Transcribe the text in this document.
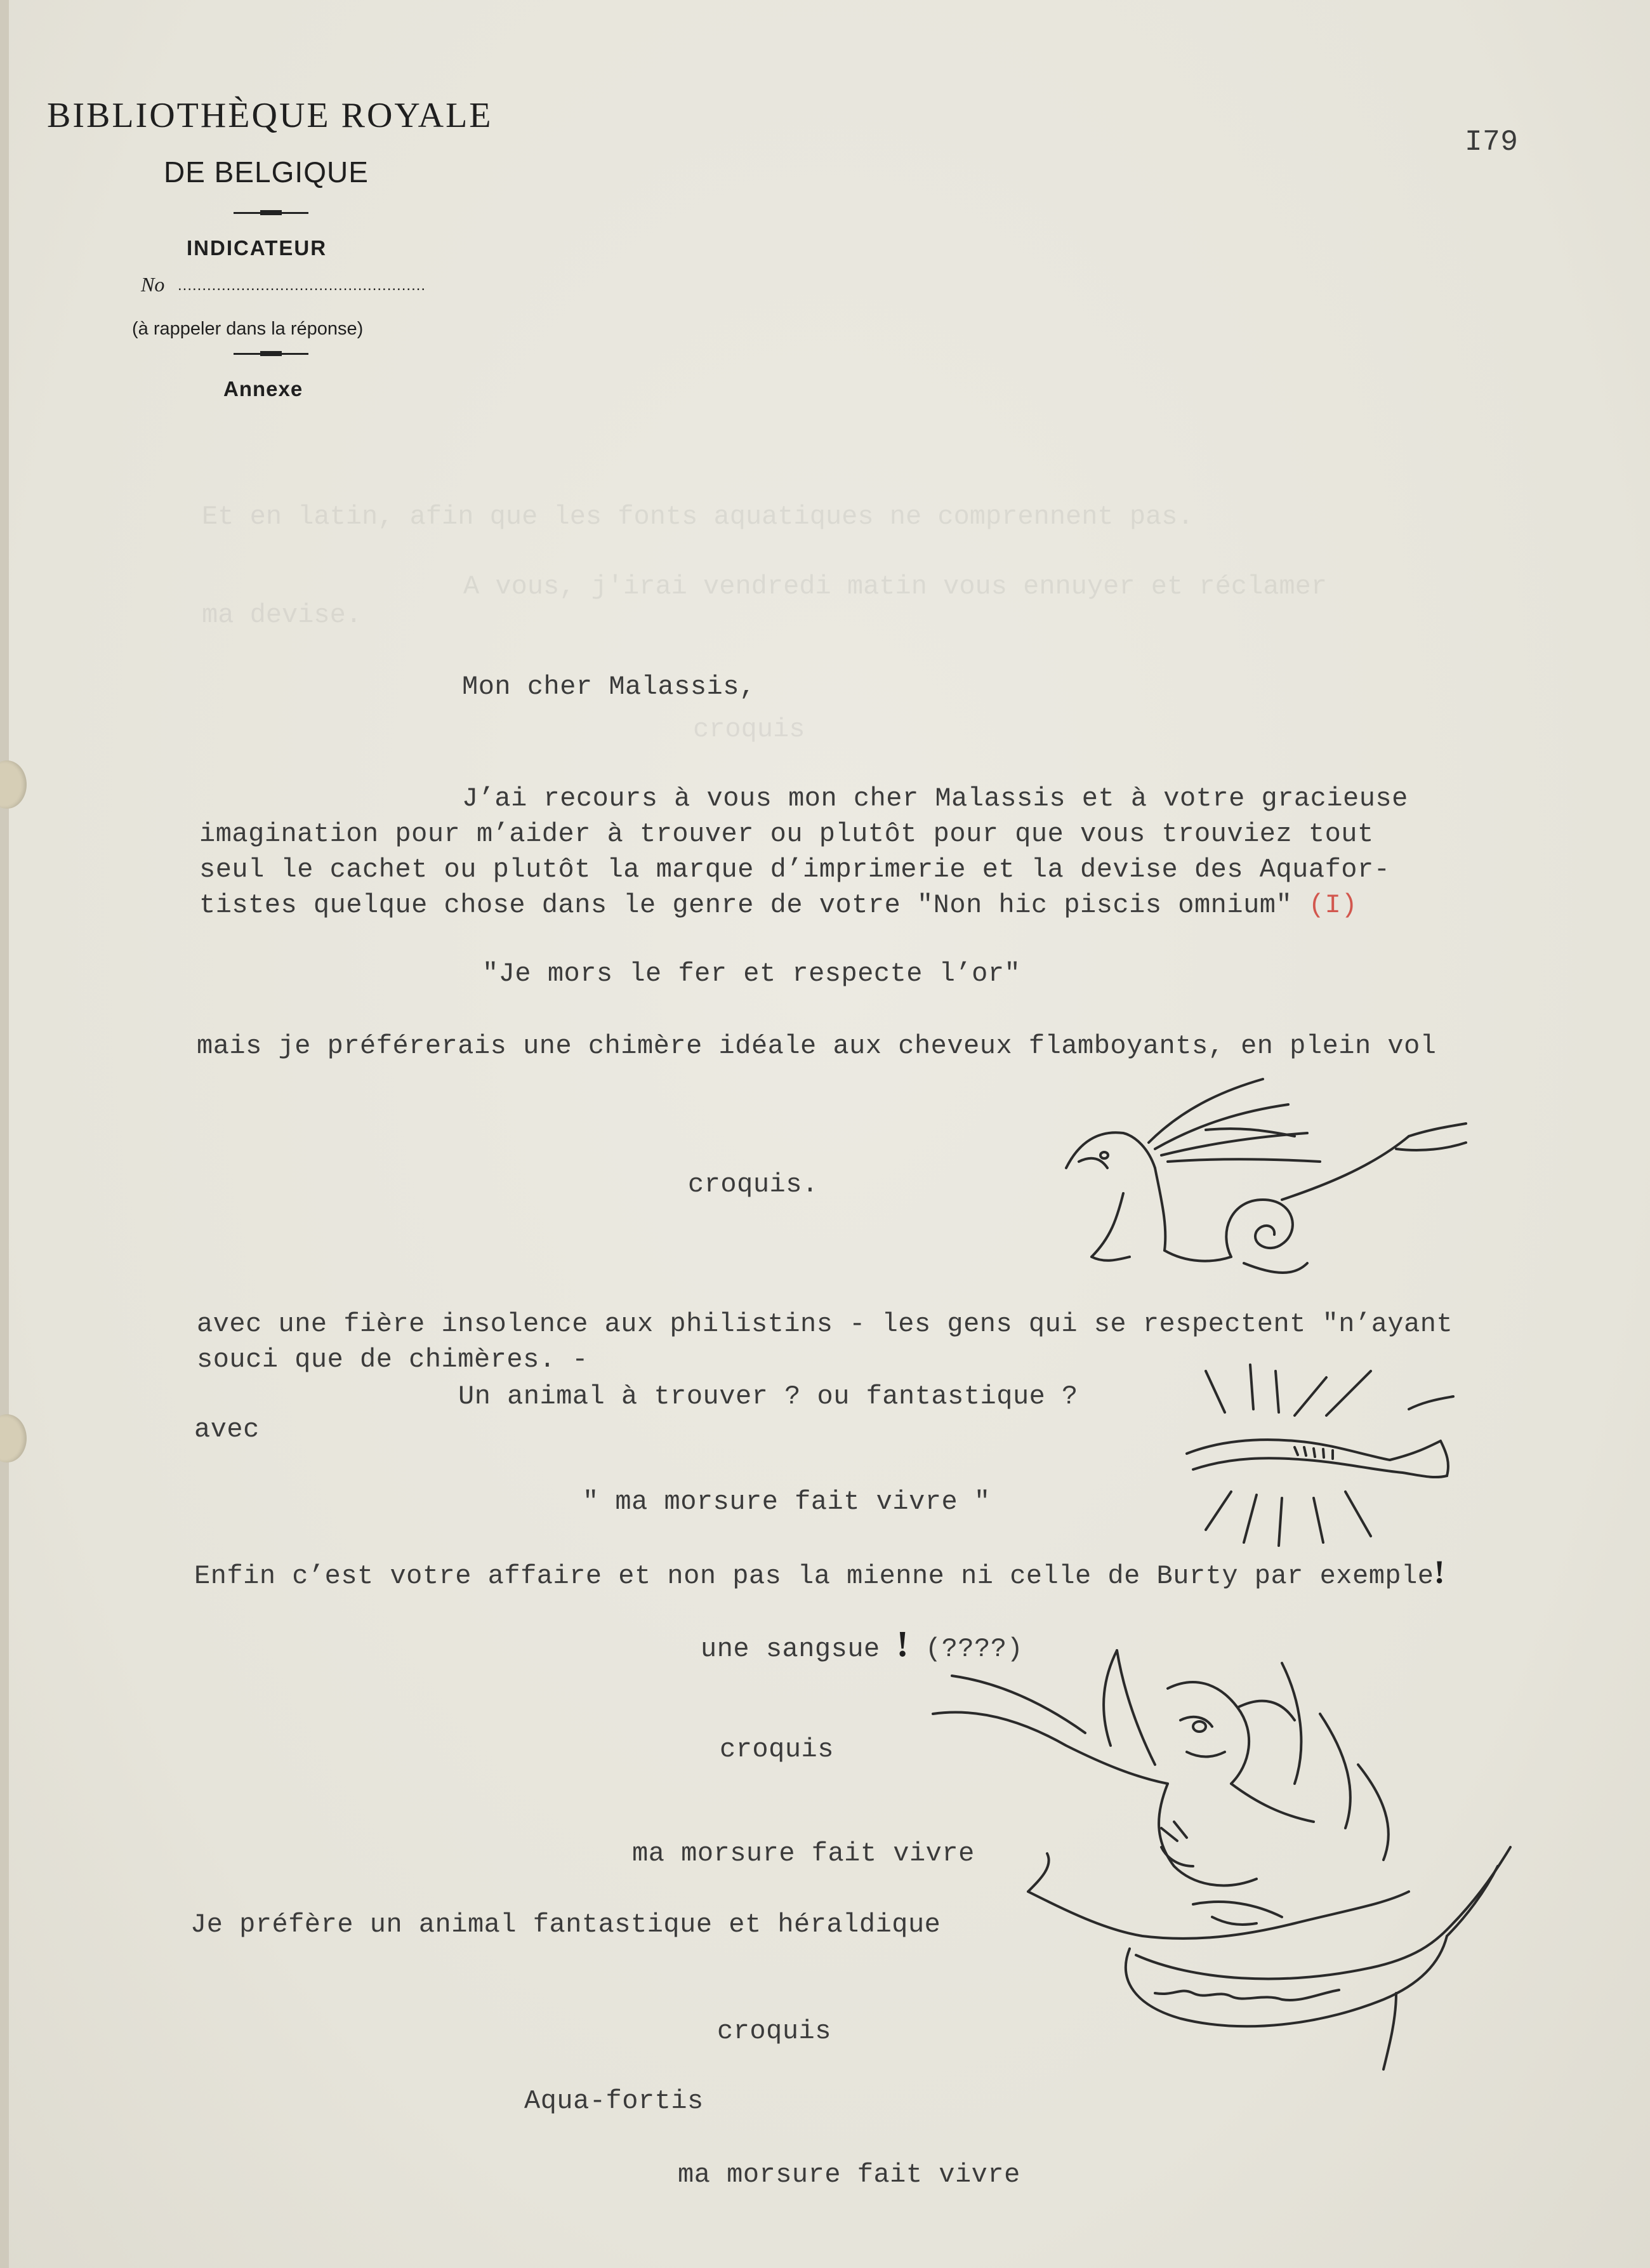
BIBLIOTHÈQUE ROYALE
DE BELGIQUE
INDICATEUR
No ...................................................
(à rappeler dans la réponse)
Annexe
I79
Et en latin, afin que les fonts aquatiques ne comprennent pas.
A vous, j'irai vendredi matin vous ennuyer et réclamer
ma devise.
croquis
Mon cher Malassis,
J’ai recours à vous mon cher Malassis et à votre gracieuse
imagination pour m’aider à trouver ou plutôt pour que vous trouviez tout
seul le cachet ou plutôt la marque d’imprimerie et la devise des Aquafor-
tistes quelque chose dans le genre de votre "Non hic piscis omnium" (I)
"Je mors le fer et respecte l’or"
mais je préférerais une chimère idéale aux cheveux flamboyants, en plein vol
croquis.
avec une fière insolence aux philistins - les gens qui se respectent "n’ayant
souci que de chimères. -
Un animal à trouver ? ou fantastique ?
avec
" ma morsure fait vivre "
Enfin c’est votre affaire et non pas la mienne ni celle de Burty par exemple!
une sangsue ! (????)
croquis
ma morsure fait vivre
Je préfère un animal fantastique et héraldique
croquis
Aqua-fortis
ma morsure fait vivre
